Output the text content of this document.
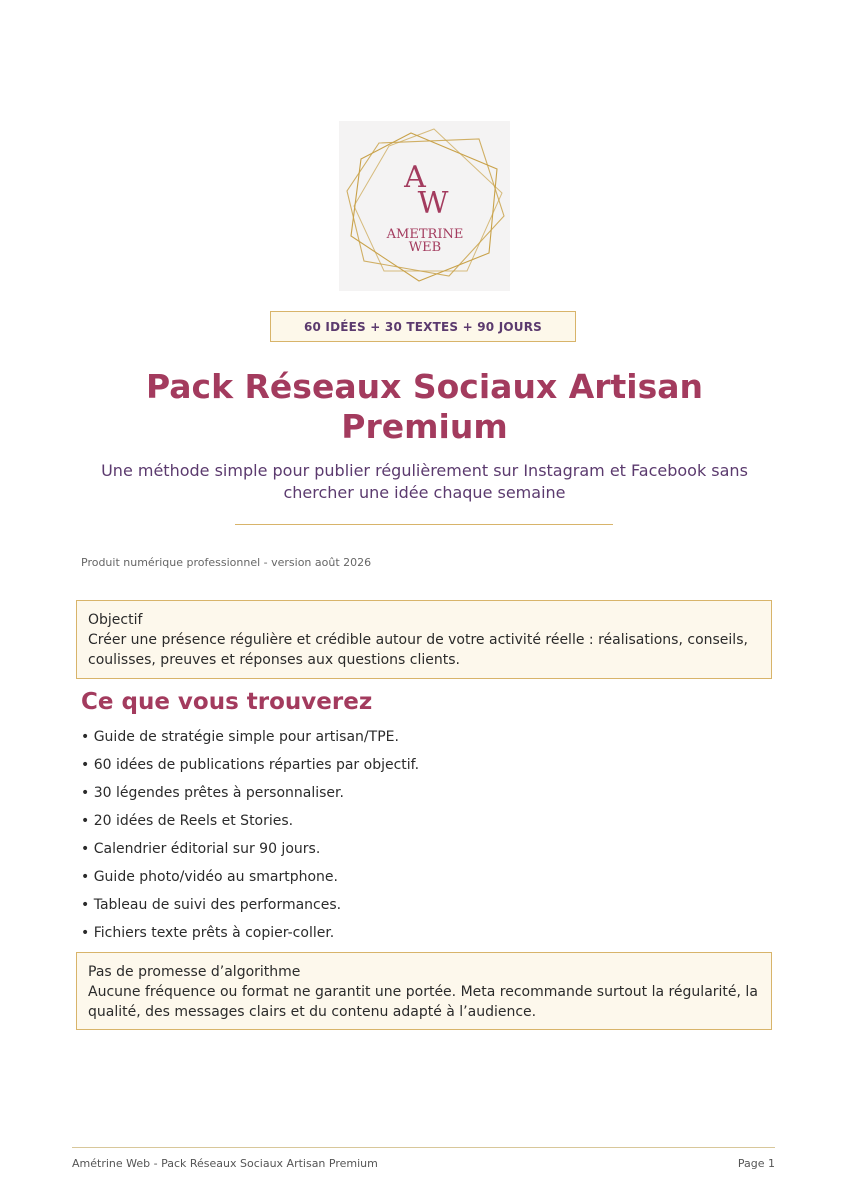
A
W
AMETRINE
WEB
60 IDÉES + 30 TEXTES + 90 JOURS
Pack Réseaux Sociaux Artisan
Premium

Une méthode simple pour publier régulièrement sur Instagram et Facebook sans
chercher une idée chaque semaine

Produit numérique professionnel - version août 2026
Objectif
Créer une présence régulière et crédible autour de votre activité réelle : réalisations, conseils,
coulisses, preuves et réponses aux questions clients.
Ce que vous trouverez
• Guide de stratégie simple pour artisan/TPE.
• 60 idées de publications réparties par objectif.
• 30 légendes prêtes à personnaliser.
• 20 idées de Reels et Stories.
• Calendrier éditorial sur 90 jours.
• Guide photo/vidéo au smartphone.
• Tableau de suivi des performances.
• Fichiers texte prêts à copier-coller.
Pas de promesse d’algorithme
Aucune fréquence ou format ne garantit une portée. Meta recommande surtout la régularité, la
qualité, des messages clairs et du contenu adapté à l’audience.
Amétrine Web - Pack Réseaux Sociaux Artisan Premium	Page 1
